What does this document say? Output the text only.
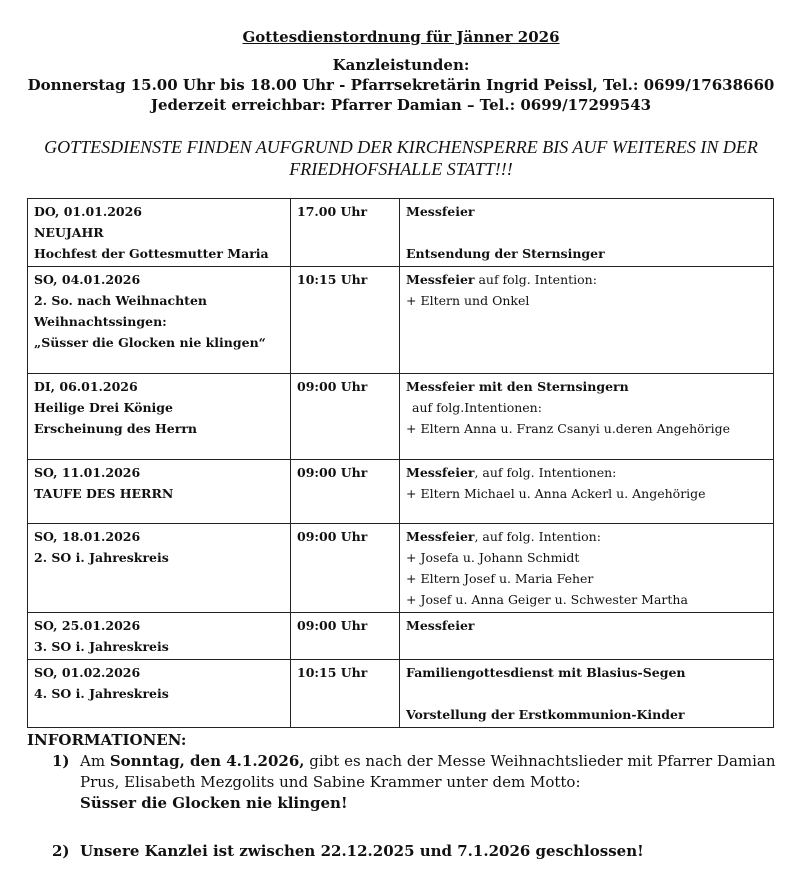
Gottesdienstordnung für Jänner 2026
Kanzleistunden:
Donnerstag 15.00 Uhr bis 18.00 Uhr - Pfarrsekretärin Ingrid Peissl, Tel.: 0699/17638660
Jederzeit erreichbar: Pfarrer Damian – Tel.: 0699/17299543
GOTTESDIENSTE FINDEN AUFGRUND DER KIRCHENSPERRE BIS AUF WEITERES IN DER
FRIEDHOFSHALLE STATT!!!
DO, 01.01.2026
NEUJAHR
Hochfest der Gottesmutter Maria	17.00 Uhr	Messfeier
Entsendung der Sternsinger

SO, 04.01.2026
2. So. nach Weihnachten
Weihnachtssingen:
„Süsser die Glocken nie klingen“	10:15 Uhr	Messfeier auf folg. Intention:
+ Eltern und Onkel

DI, 06.01.2026
Heilige Drei Könige
Erscheinung des Herrn	09:00 Uhr	Messfeier mit den Sternsingern
auf folg.Intentionen:
+ Eltern Anna u. Franz Csanyi u.deren Angehörige

SO, 11.01.2026
TAUFE DES HERRN	09:00 Uhr	Messfeier, auf folg. Intentionen:
+ Eltern Michael u. Anna Ackerl u. Angehörige

SO, 18.01.2026
2. SO i. Jahreskreis	09:00 Uhr	Messfeier, auf folg. Intention:
+ Josefa u. Johann Schmidt
+ Eltern Josef u. Maria Feher
+ Josef u. Anna Geiger u. Schwester Martha

SO, 25.01.2026
3. SO i. Jahreskreis	09:00 Uhr	Messfeier

SO, 01.02.2026
4. SO i. Jahreskreis	10:15 Uhr	Familiengottesdienst mit Blasius-Segen
Vorstellung der Erstkommunion-Kinder
INFORMATIONEN:
1) Am Sonntag, den 4.1.2026, gibt es nach der Messe Weihnachtslieder mit Pfarrer Damian
Prus, Elisabeth Mezgolits und Sabine Krammer unter dem Motto:
Süsser die Glocken nie klingen!
2) Unsere Kanzlei ist zwischen 22.12.2025 und 7.1.2026 geschlossen!
